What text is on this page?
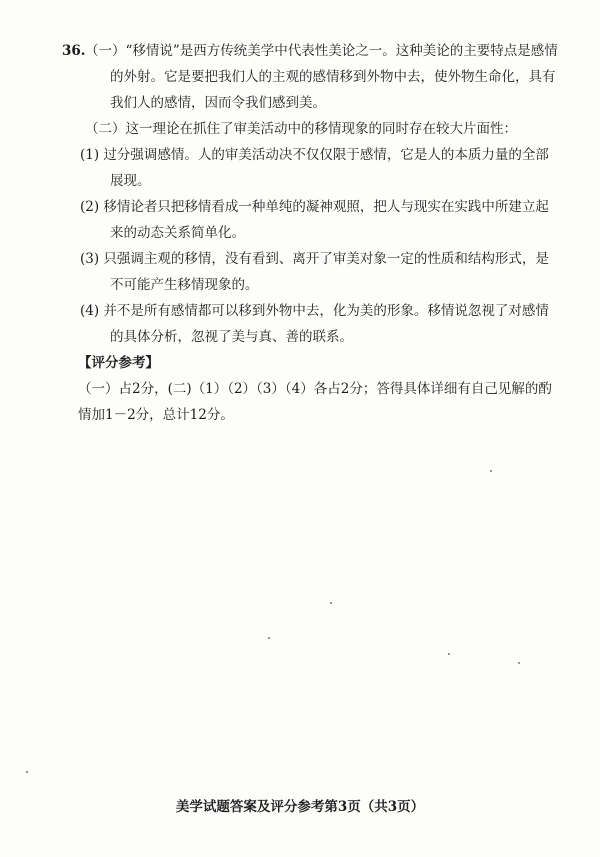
36. （一）“移情说”是西方传统美学中代表性美论之一。这种美论的主要特点是感情

的外射。它是要把我们人的主观的感情移到外物中去，使外物生命化，具有

我们人的感情，因而令我们感到美。

（二）这一理论在抓住了审美活动中的移情现象的同时存在较大片面性：

(1) 过分强调感情。人的审美活动决不仅仅限于感情，它是人的本质力量的全部

展现。

(2) 移情论者只把移情看成一种单纯的凝神观照，把人与现实在实践中所建立起

来的动态关系简单化。

(3) 只强调主观的移情，没有看到、离开了审美对象一定的性质和结构形式，是

不可能产生移情现象的。

(4) 并不是所有感情都可以移到外物中去，化为美的形象。移情说忽视了对感情

的具体分析，忽视了美与真、善的联系。

【评分参考】

（一）占2分，(二)（1）（2）（3）（4）各占2分；答得具体详细有自己见解的酌

情加1－2分，总计12分。

美学试题答案及评分参考第3页（共3页）
